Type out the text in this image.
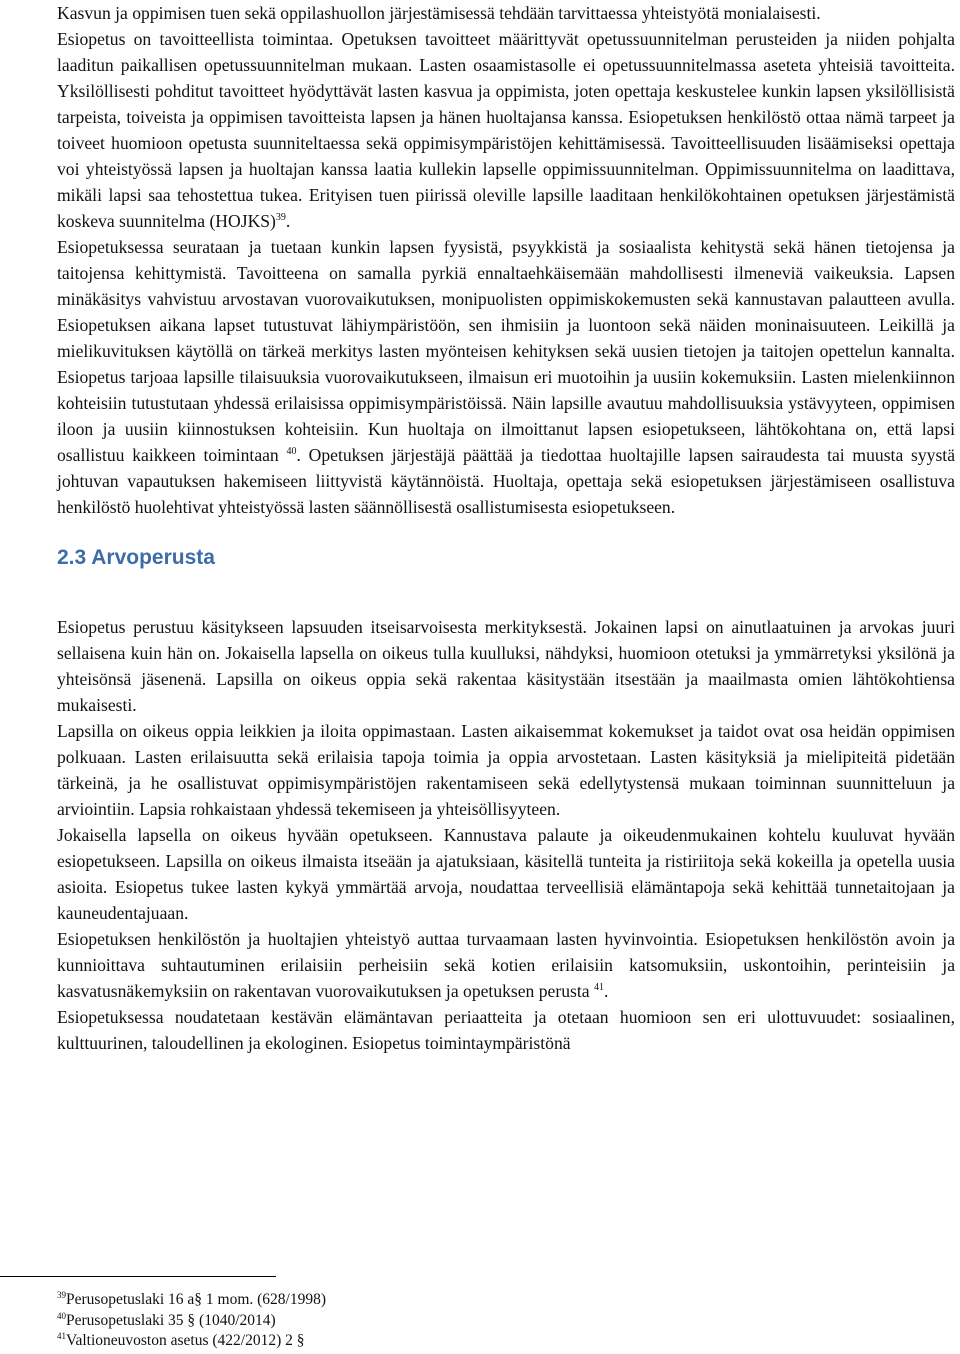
Kasvun ja oppimisen tuen sekä oppilashuollon järjestämisessä tehdään tarvittaessa yhteistyötä monialaisesti.

Esiopetus on tavoitteellista toimintaa. Opetuksen tavoitteet määrittyvät opetussuunnitelman perusteiden ja niiden pohjalta laaditun paikallisen opetussuunnitelman mukaan. Lasten osaamistasolle ei opetussuunnitelmassa aseteta yhteisiä tavoitteita. Yksilöllisesti pohditut tavoitteet hyödyttävät lasten kasvua ja oppimista, joten opettaja keskustelee kunkin lapsen yksilöllisistä tarpeista, toiveista ja oppimisen tavoitteista lapsen ja hänen huoltajansa kanssa. Esiopetuksen henkilöstö ottaa nämä tarpeet ja toiveet huomioon opetusta suunniteltaessa sekä oppimisympäristöjen kehittämisessä. Tavoitteellisuuden lisäämiseksi opettaja voi yhteistyössä lapsen ja huoltajan kanssa laatia kullekin lapselle oppimissuunnitelman. Oppimissuunnitelma on laadittava, mikäli lapsi saa tehostettua tukea. Erityisen tuen piirissä oleville lapsille laaditaan henkilökohtainen opetuksen järjestämistä koskeva suunnitelma (HOJKS)$^{39}$.

Esiopetuksessa seurataan ja tuetaan kunkin lapsen fyysistä, psyykkistä ja sosiaalista kehitystä sekä hänen tietojensa ja taitojensa kehittymistä. Tavoitteena on samalla pyrkiä ennaltaehkäisemään mahdollisesti ilmeneviä vaikeuksia. Lapsen minäkäsitys vahvistuu arvostavan vuorovaikutuksen, monipuolisten oppimiskokemusten sekä kannustavan palautteen avulla. Esiopetuksen aikana lapset tutustuvat lähiympäristöön, sen ihmisiin ja luontoon sekä näiden moninaisuuteen. Leikillä ja mielikuvituksen käytöllä on tärkeä merkitys lasten myönteisen kehityksen sekä uusien tietojen ja taitojen opettelun kannalta. Esiopetus tarjoaa lapsille tilaisuuksia vuorovaikutukseen, ilmaisun eri muotoihin ja uusiin kokemuksiin. Lasten mielenkiinnon kohteisiin tutustutaan yhdessä erilaisissa oppimisympäristöissä. Näin lapsille avautuu mahdollisuuksia ystävyyteen, oppimisen iloon ja uusiin kiinnostuksen kohteisiin. Kun huoltaja on ilmoittanut lapsen esiopetukseen, lähtökohtana on, että lapsi osallistuu kaikkeen toimintaan $^{40}$. Opetuksen järjestäjä päättää ja tiedottaa huoltajille lapsen sairaudesta tai muusta syystä johtuvan vapautuksen hakemiseen liittyvistä käytännöistä. Huoltaja, opettaja sekä esiopetuksen järjestämiseen osallistuva henkilöstö huolehtivat yhteistyössä lasten säännöllisestä osallistumisesta esiopetukseen.

2.3 Arvoperusta

Esiopetus perustuu käsitykseen lapsuuden itseisarvoisesta merkityksestä. Jokainen lapsi on ainutlaatuinen ja arvokas juuri sellaisena kuin hän on. Jokaisella lapsella on oikeus tulla kuulluksi, nähdyksi, huomioon otetuksi ja ymmärretyksi yksilönä ja yhteisönsä jäsenenä. Lapsilla on oikeus oppia sekä rakentaa käsitystään itsestään ja maailmasta omien lähtökohtiensa mukaisesti.

Lapsilla on oikeus oppia leikkien ja iloita oppimastaan. Lasten aikaisemmat kokemukset ja taidot ovat osa heidän oppimisen polkuaan. Lasten erilaisuutta sekä erilaisia tapoja toimia ja oppia arvostetaan. Lasten käsityksiä ja mielipiteitä pidetään tärkeinä, ja he osallistuvat oppimisympäristöjen rakentamiseen sekä edellytystensä mukaan toiminnan suunnitteluun ja arviointiin. Lapsia rohkaistaan yhdessä tekemiseen ja yhteisöllisyyteen.

Jokaisella lapsella on oikeus hyvään opetukseen. Kannustava palaute ja oikeudenmukainen kohtelu kuuluvat hyvään esiopetukseen. Lapsilla on oikeus ilmaista itseään ja ajatuksiaan, käsitellä tunteita ja ristiriitoja sekä kokeilla ja opetella uusia asioita. Esiopetus tukee lasten kykyä ymmärtää arvoja, noudattaa terveellisiä elämäntapoja sekä kehittää tunnetaitojaan ja kauneudentajuaan.

Esiopetuksen henkilöstön ja huoltajien yhteistyö auttaa turvaamaan lasten hyvinvointia. Esiopetuksen henkilöstön avoin ja kunnioittava suhtautuminen erilaisiin perheisiin sekä kotien erilaisiin katsomuksiin, uskontoihin, perinteisiin ja kasvatusnäkemyksiin on rakentavan vuorovaikutuksen ja opetuksen perusta $^{41}$.

Esiopetuksessa noudatetaan kestävän elämäntavan periaatteita ja otetaan huomioon sen eri ulottuvuudet: sosiaalinen, kulttuurinen, taloudellinen ja ekologinen. Esiopetus toimintaympäristönä

$^{39}$Perusopetuslaki 16 a§ 1 mom. (628/1998)

$^{40}$Perusopetuslaki 35 § (1040/2014)

$^{41}$Valtioneuvoston asetus (422/2012) 2 §
